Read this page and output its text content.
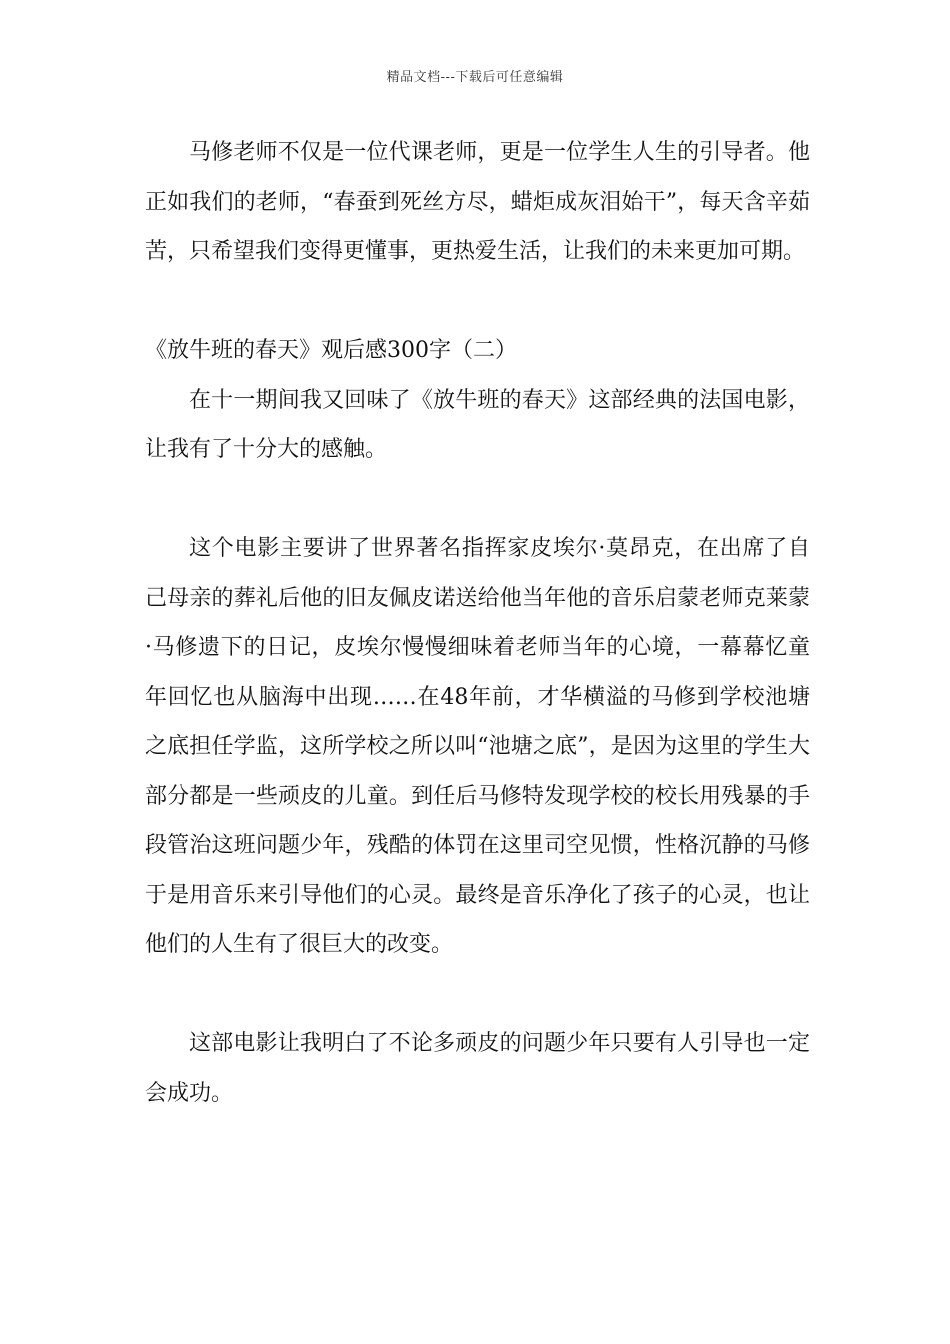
精品文档---下载后可任意编辑

马修老师不仅是一位代课老师，更是一位学生人生的引导者。他正如我们的老师，“春蚕到死丝方尽，蜡炬成灰泪始干”，每天含辛茹苦，只希望我们变得更懂事，更热爱生活，让我们的未来更加可期。

《放牛班的春天》观后感300字（二）

在十一期间我又回味了《放牛班的春天》这部经典的法国电影，让我有了十分大的感触。

这个电影主要讲了世界著名指挥家皮埃尔·莫昂克，在出席了自己母亲的葬礼后他的旧友佩皮诺送给他当年他的音乐启蒙老师克莱蒙·马修遗下的日记，皮埃尔慢慢细味着老师当年的心境，一幕幕忆童年回忆也从脑海中出现……在48年前，才华横溢的马修到学校池塘之底担任学监，这所学校之所以叫“池塘之底”，是因为这里的学生大部分都是一些顽皮的儿童。到任后马修特发现学校的校长用残暴的手段管治这班问题少年，残酷的体罚在这里司空见惯，性格沉静的马修于是用音乐来引导他们的心灵。最终是音乐净化了孩子的心灵，也让他们的人生有了很巨大的改变。

这部电影让我明白了不论多顽皮的问题少年只要有人引导也一定会成功。
